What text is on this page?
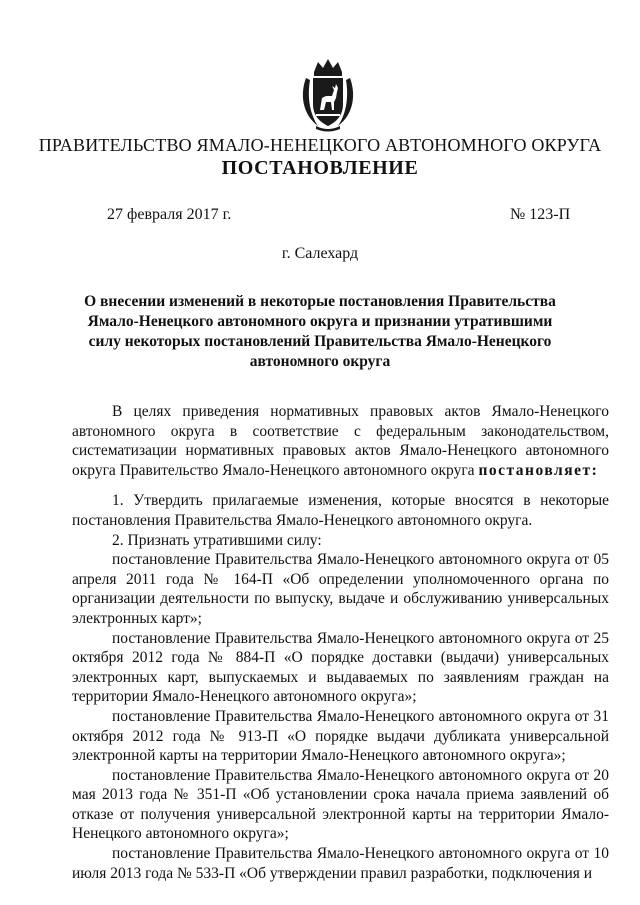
ПРАВИТЕЛЬСТВО ЯМАЛО-НЕНЕЦКОГО АВТОНОМНОГО ОКРУГА
ПОСТАНОВЛЕНИЕ
27 февраля 2017 г.	№ 123-П
г. Салехард
О внесении изменений в некоторые постановления Правительства Ямало-Ненецкого автономного округа и признании утратившими силу некоторых постановлений Правительства Ямало-Ненецкого автономного округа

В целях приведения нормативных правовых актов Ямало-Ненецкого автономного округа в соответствие с федеральным законодательством, систематизации нормативных правовых актов Ямало-Ненецкого автономного округа Правительство Ямало-Ненецкого автономного округа постановляет:

1. Утвердить прилагаемые изменения, которые вносятся в некоторые постановления Правительства Ямало-Ненецкого автономного округа.

2. Признать утратившими силу:

постановление Правительства Ямало-Ненецкого автономного округа от 05 апреля 2011 года № 164-П «Об определении уполномоченного органа по организации деятельности по выпуску, выдаче и обслуживанию универсальных электронных карт»;

постановление Правительства Ямало-Ненецкого автономного округа от 25 октября 2012 года № 884-П «О порядке доставки (выдачи) универсальных электронных карт, выпускаемых и выдаваемых по заявлениям граждан на территории Ямало-Ненецкого автономного округа»;

постановление Правительства Ямало-Ненецкого автономного округа от 31 октября 2012 года № 913-П «О порядке выдачи дубликата универсальной электронной карты на территории Ямало-Ненецкого автономного округа»;

постановление Правительства Ямало-Ненецкого автономного округа от 20 мая 2013 года № 351-П «Об установлении срока начала приема заявлений об отказе от получения универсальной электронной карты на территории Ямало-Ненецкого автономного округа»;

постановление Правительства Ямало-Ненецкого автономного округа от 10 июля 2013 года № 533-П «Об утверждении правил разработки, подключения и
